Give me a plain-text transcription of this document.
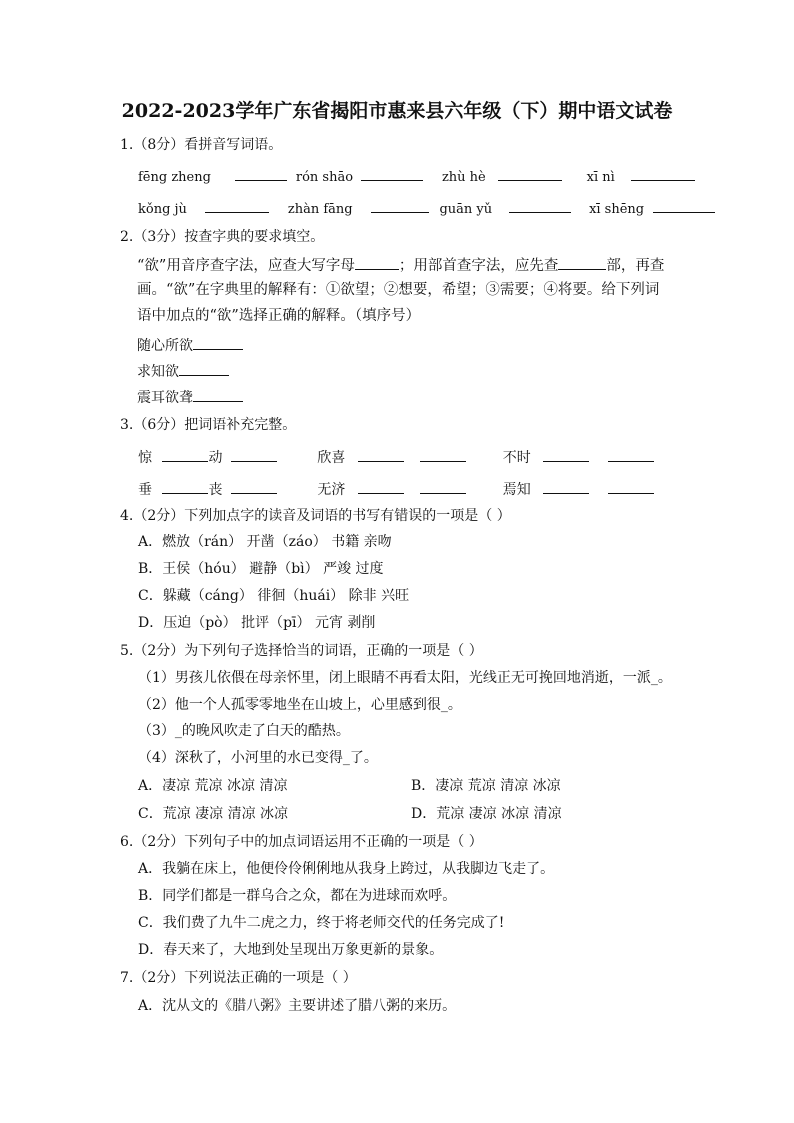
2022-2023学年广东省揭阳市惠来县六年级（下）期中语文试卷
1.（8分）看拼音写词语。
fēng zheng	rón shāo	zhù hè	xī nì
kǒng jù	zhàn fāng	guān yǔ	xī shēng
2.（3分）按查字典的要求填空。
“欲”用音序查字法，应查大写字母	；用部首查字法，应先查	部，再查
画。“欲”在字典里的解释有：①欲望；②想要，希望；③需要；④将要。给下列词
语中加点的“欲”选择正确的解释。（填序号）
随心所欲
求知欲
震耳欲聋
3.（6分）把词语补充完整。
惊	动	欣喜	不时
垂	丧	无济	焉知
4.（2分）下列加点字的读音及词语的书写有错误的一项是（ ）
A．燃放（rán） 开凿（záo） 书籍 亲吻
B．王侯（hóu） 避静（bì） 严竣 过度
C．躲藏（cáng） 徘徊（huái） 除非 兴旺
D．压迫（pò） 批评（pī） 元宵 剥削
5.（2分）为下列句子选择恰当的词语，正确的一项是（ ）
（1）男孩儿依偎在母亲怀里，闭上眼睛不再看太阳，光线正无可挽回地消逝，一派_。
（2）他一个人孤零零地坐在山坡上，心里感到很_。
（3）_的晚风吹走了白天的酷热。
（4）深秋了，小河里的水已变得_了。
A．凄凉 荒凉 冰凉 清凉	B．凄凉 荒凉 清凉 冰凉
C．荒凉 凄凉 清凉 冰凉	D．荒凉 凄凉 冰凉 清凉
6.（2分）下列句子中的加点词语运用不正确的一项是（ ）
A．我躺在床上，他便伶伶俐俐地从我身上跨过，从我脚边飞走了。
B．同学们都是一群乌合之众，都在为进球而欢呼。
C．我们费了九牛二虎之力，终于将老师交代的任务完成了!
D．春天来了，大地到处呈现出万象更新的景象。
7.（2分）下列说法正确的一项是（ ）
A．沈从文的《腊八粥》主要讲述了腊八粥的来历。
